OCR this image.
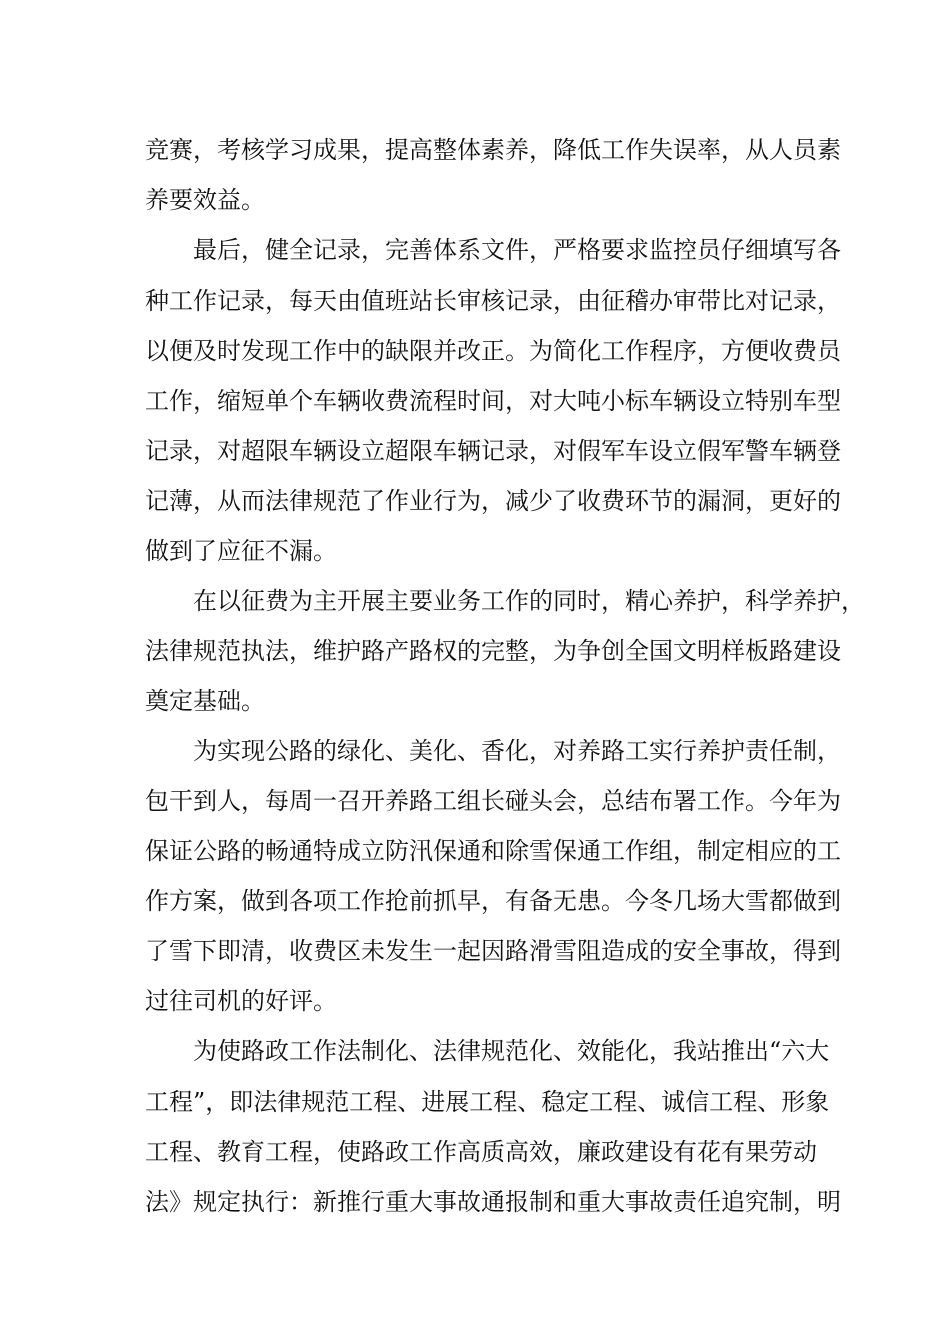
竞赛，考核学习成果，提高整体素养，降低工作失误率，从人员素
养要效益。
最后，健全记录，完善体系文件，严格要求监控员仔细填写各
种工作记录，每天由值班站长审核记录，由征稽办审带比对记录，
以便及时发现工作中的缺限并改正。为简化工作程序，方便收费员
工作，缩短单个车辆收费流程时间，对大吨小标车辆设立特别车型
记录，对超限车辆设立超限车辆记录，对假军车设立假军警车辆登
记薄，从而法律规范了作业行为，减少了收费环节的漏洞，更好的
做到了应征不漏。
在以征费为主开展主要业务工作的同时，精心养护，科学养护，
法律规范执法，维护路产路权的完整，为争创全国文明样板路建设
奠定基础。
为实现公路的绿化、美化、香化，对养路工实行养护责任制，
包干到人，每周一召开养路工组长碰头会，总结布署工作。今年为
保证公路的畅通特成立防汛保通和除雪保通工作组，制定相应的工
作方案，做到各项工作抢前抓早，有备无患。今冬几场大雪都做到
了雪下即清，收费区未发生一起因路滑雪阻造成的安全事故，得到
过往司机的好评。
为使路政工作法制化、法律规范化、效能化，我站推出“六大
工程”，即法律规范工程、进展工程、稳定工程、诚信工程、形象
工程、教育工程，使路政工作高质高效，廉政建设有花有果劳动
法》规定执行：新推行重大事故通报制和重大事故责任追究制，明
